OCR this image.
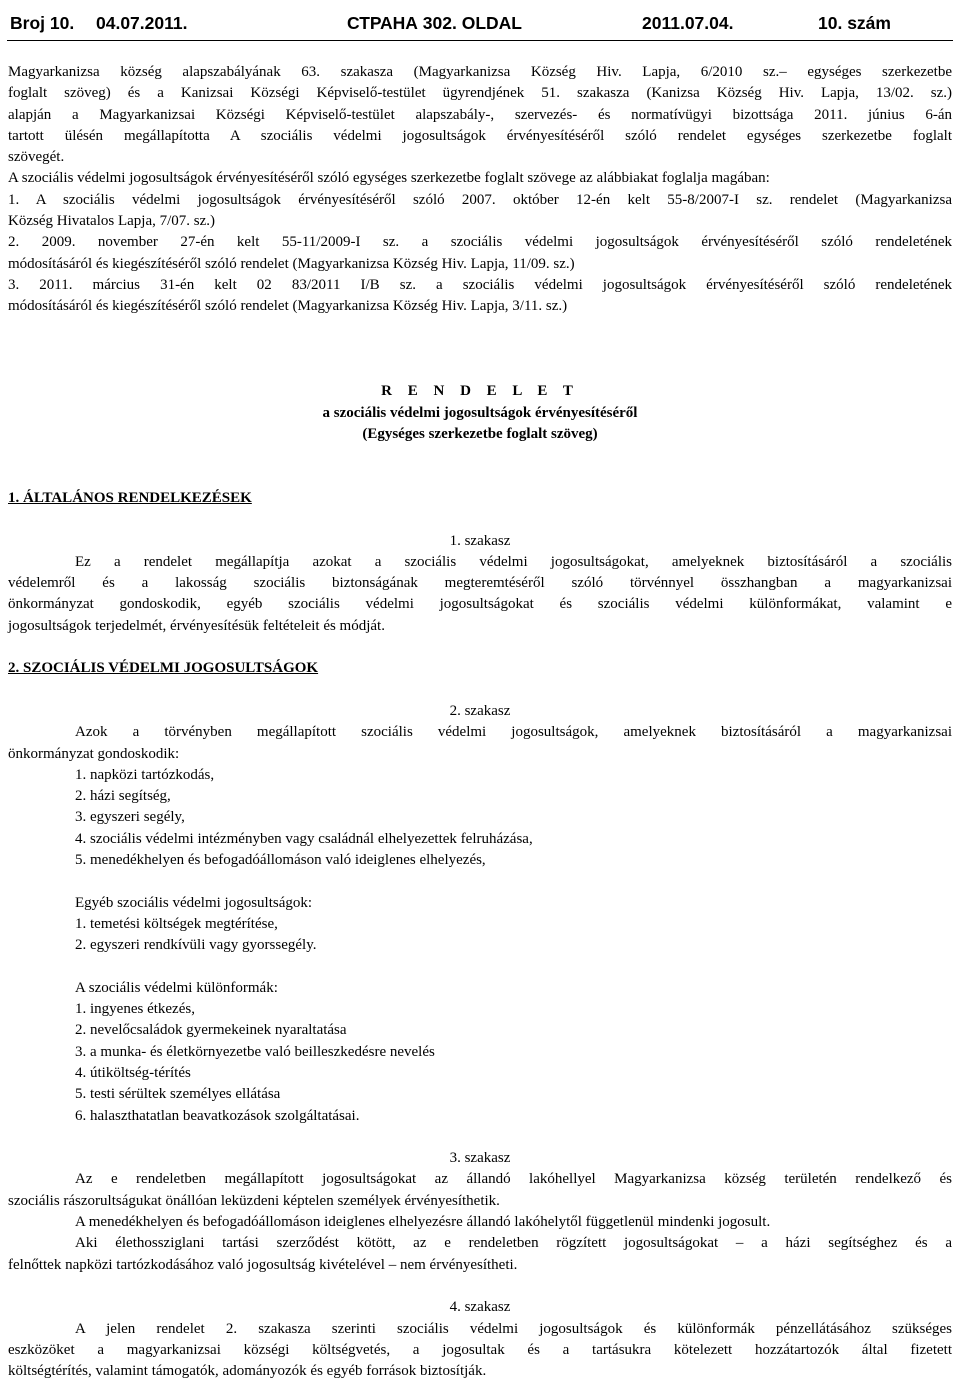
Broj 10. 04.07.2011.	СТРАНА 302. OLDAL	2011.07.04.	10. szám

Magyarkanizsa község alapszabályának 63. szakasza (Magyarkanizsa Község Hiv. Lapja, 6/2010 sz.– egységes szerkezetbe

foglalt szöveg) és a Kanizsai Községi Képviselő-testület ügyrendjének 51. szakasza (Kanizsa Község Hiv. Lapja, 13/02. sz.)

alapján a Magyarkanizsai Községi Képviselő-testület alapszabály-, szervezés- és normatívügyi bizottsága 2011. június 6-án

tartott ülésén megállapította A szociális védelmi jogosultságok érvényesítéséről szóló rendelet egységes szerkezetbe foglalt

szövegét.

A szociális védelmi jogosultságok érvényesítéséről szóló egységes szerkezetbe foglalt szövege az alábbiakat foglalja magában:

1. A szociális védelmi jogosultságok érvényesítéséről szóló 2007. október 12-én kelt 55-8/2007-I sz. rendelet (Magyarkanizsa

Község Hivatalos Lapja, 7/07. sz.)

2. 2009. november 27-én kelt 55-11/2009-I sz. a szociális védelmi jogosultságok érvényesítéséről szóló rendeletének

módosításáról és kiegészítéséről szóló rendelet (Magyarkanizsa Község Hiv. Lapja, 11/09. sz.)

3. 2011. március 31-én kelt 02 83/2011 I/B sz. a szociális védelmi jogosultságok érvényesítéséről szóló rendeletének

módosításáról és kiegészítéséről szóló rendelet (Magyarkanizsa Község Hiv. Lapja, 3/11. sz.)

R E N D E L E T

a szociális védelmi jogosultságok érvényesítéséről

(Egységes szerkezetbe foglalt szöveg)

1. ÁLTALÁNOS RENDELKEZÉSEK

1. szakasz

Ez a rendelet megállapítja azokat a szociális védelmi jogosultságokat, amelyeknek biztosításáról a szociális

védelemről és a lakosság szociális biztonságának megteremtéséről szóló törvénnyel összhangban a magyarkanizsai

önkormányzat gondoskodik, egyéb szociális védelmi jogosultságokat és szociális védelmi különformákat, valamint e

jogosultságok terjedelmét, érvényesítésük feltételeit és módját.

2. SZOCIÁLIS VÉDELMI JOGOSULTSÁGOK

2. szakasz

Azok a törvényben megállapított szociális védelmi jogosultságok, amelyeknek biztosításáról a magyarkanizsai

önkormányzat gondoskodik:

1. napközi tartózkodás,

2. házi segítség,

3. egyszeri segély,

4. szociális védelmi intézményben vagy családnál elhelyezettek felruházása,

5. menedékhelyen és befogadóállomáson való ideiglenes elhelyezés,

Egyéb szociális védelmi jogosultságok:

1. temetési költségek megtérítése,

2. egyszeri rendkívüli vagy gyorssegély.

A szociális védelmi különformák:

1. ingyenes étkezés,

2. nevelőcsaládok gyermekeinek nyaraltatása

3. a munka- és életkörnyezetbe való beilleszkedésre nevelés

4. útiköltség-térítés

5. testi sérültek személyes ellátása

6. halaszthatatlan beavatkozások szolgáltatásai.

3. szakasz

Az e rendeletben megállapított jogosultságokat az állandó lakóhellyel Magyarkanizsa község területén rendelkező és

szociális rászorultságukat önállóan leküzdeni képtelen személyek érvényesíthetik.

A menedékhelyen és befogadóállomáson ideiglenes elhelyezésre állandó lakóhelytől függetlenül mindenki jogosult.

Aki élethossziglani tartási szerződést kötött, az e rendeletben rögzített jogosultságokat – a házi segítséghez és a

felnőttek napközi tartózkodásához való jogosultság kivételével – nem érvényesítheti.

4. szakasz

A jelen rendelet 2. szakasza szerinti szociális védelmi jogosultságok és különformák pénzellátásához szükséges

eszközöket a magyarkanizsai községi költségvetés, a jogosultak és a tartásukra kötelezett hozzátartozók által fizetett

költségtérítés, valamint támogatók, adományozók és egyéb források biztosítják.
